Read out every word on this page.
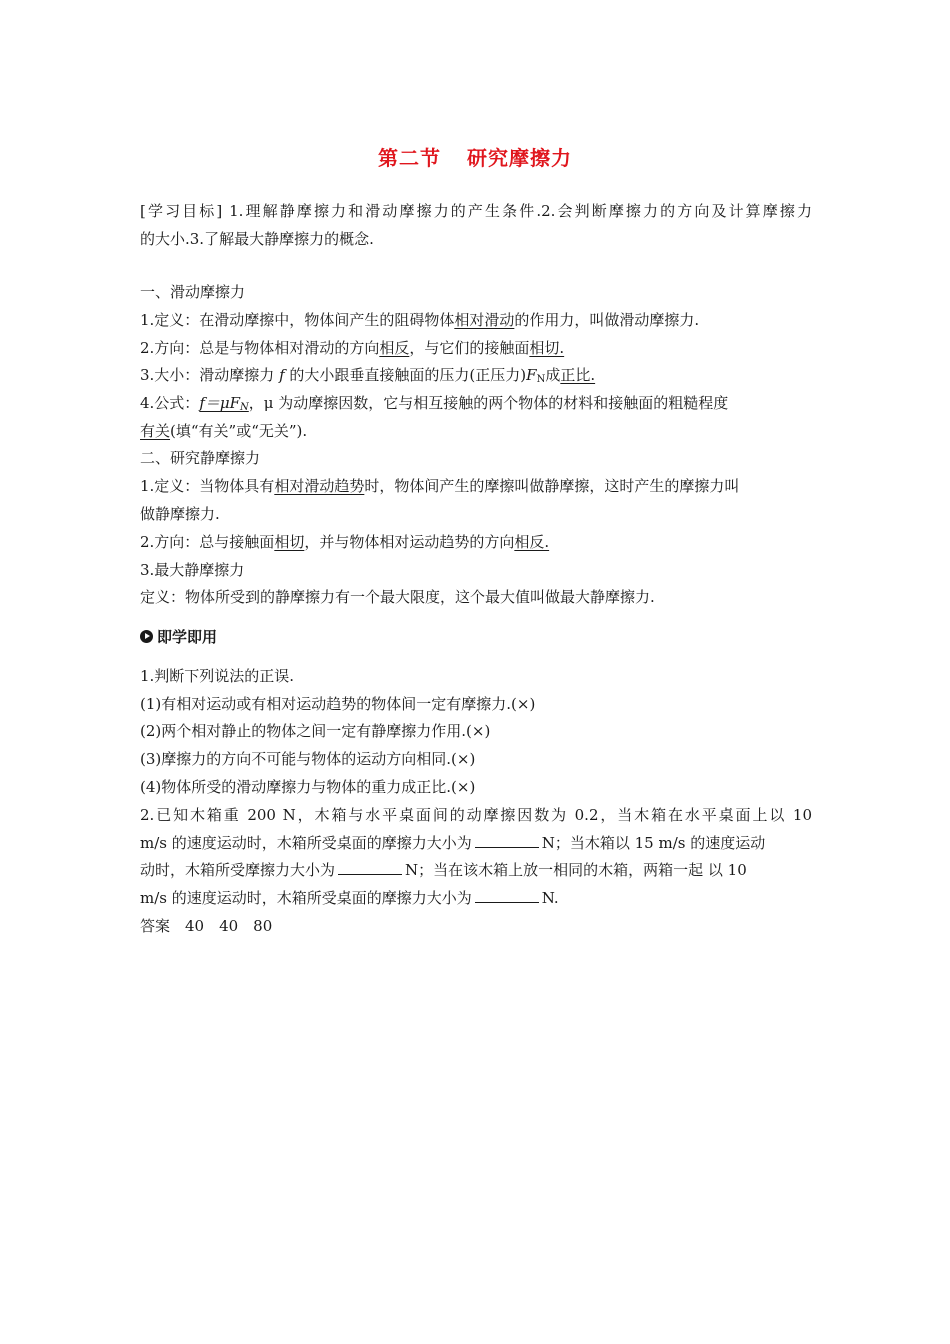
第二节 研究摩擦力
[学习目标] 1.理解静摩擦力和滑动摩擦力的产生条件.2.会判断摩擦力的方向及计算摩擦力
的大小.3.了解最大静摩擦力的概念.
一、滑动摩擦力
1.定义：在滑动摩擦中，物体间产生的阻碍物体相对滑动的作用力，叫做滑动摩擦力.
2.方向：总是与物体相对滑动的方向相反，与它们的接触面相切.
3.大小：滑动摩擦力 f 的大小跟垂直接触面的压力(正压力)$F_N$成正比.
4.公式：$f=\mu F_N$，μ 为动摩擦因数，它与相互接触的两个物体的材料和接触面的粗糙程度
有关(填“有关”或“无关”).
二、研究静摩擦力
1.定义：当物体具有相对滑动趋势时，物体间产生的摩擦叫做静摩擦，这时产生的摩擦力叫
做静摩擦力.
2.方向：总与接触面相切，并与物体相对运动趋势的方向相反.
3.最大静摩擦力
定义：物体所受到的静摩擦力有一个最大限度，这个最大值叫做最大静摩擦力.
即学即用
1.判断下列说法的正误.
(1)有相对运动或有相对运动趋势的物体间一定有摩擦力.(×)
(2)两个相对静止的物体之间一定有静摩擦力作用.(×)
(3)摩擦力的方向不可能与物体的运动方向相同.(×)
(4)物体所受的滑动摩擦力与物体的重力成正比.(×)
2.已知木箱重 200 N，木箱与水平桌面间的动摩擦因数为 0.2，当木箱在水平桌面上以 10
m/s 的速度运动时，木箱所受桌面的摩擦力大小为	N；当木箱以 15 m/s 的速度运动
动时，木箱所受摩擦力大小为	N；当在该木箱上放一相同的木箱，两箱一起 以 10
m/s 的速度运动时，木箱所受桌面的摩擦力大小为	N.
答案　40　40　80
